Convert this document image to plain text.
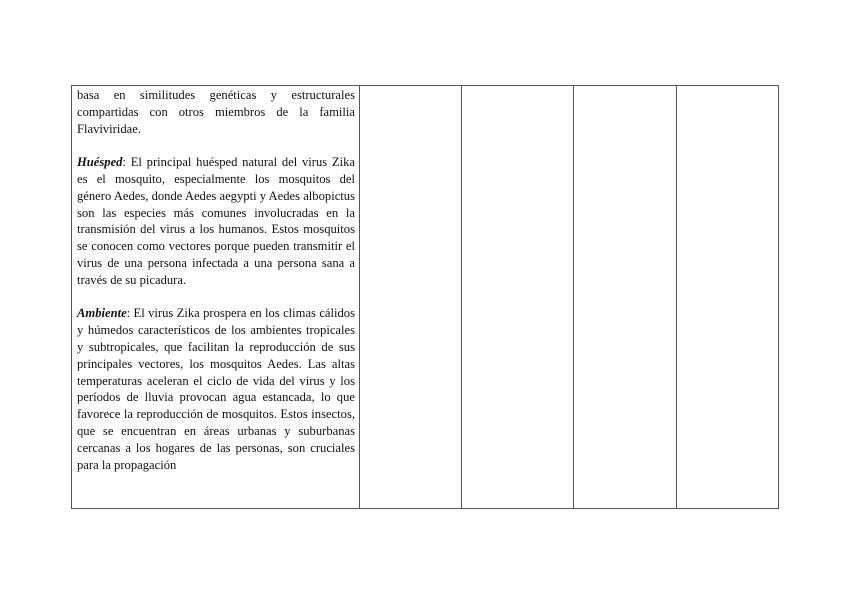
basa en similitudes genéticas y estructurales compartidas con otros miembros de la familia Flaviviridae.

Huésped: El principal huésped natural del virus Zika es el mosquito, especialmente los mosquitos del género Aedes, donde Aedes aegypti y Aedes albopictus son las especies más comunes involucradas en la transmisión del virus a los humanos. Estos mosquitos se conocen como vectores porque pueden transmitir el virus de una persona infectada a una persona sana a través de su picadura.

Ambiente: El virus Zika prospera en los climas cálidos y húmedos característicos de los ambientes tropicales y subtropicales, que facilitan la reproducción de sus principales vectores, los mosquitos Aedes. Las altas temperaturas aceleran el ciclo de vida del virus y los períodos de lluvia provocan agua estancada, lo que favorece la reproducción de mosquitos. Estos insectos, que se encuentran en áreas urbanas y suburbanas cercanas a los hogares de las personas, son cruciales para la propagación
